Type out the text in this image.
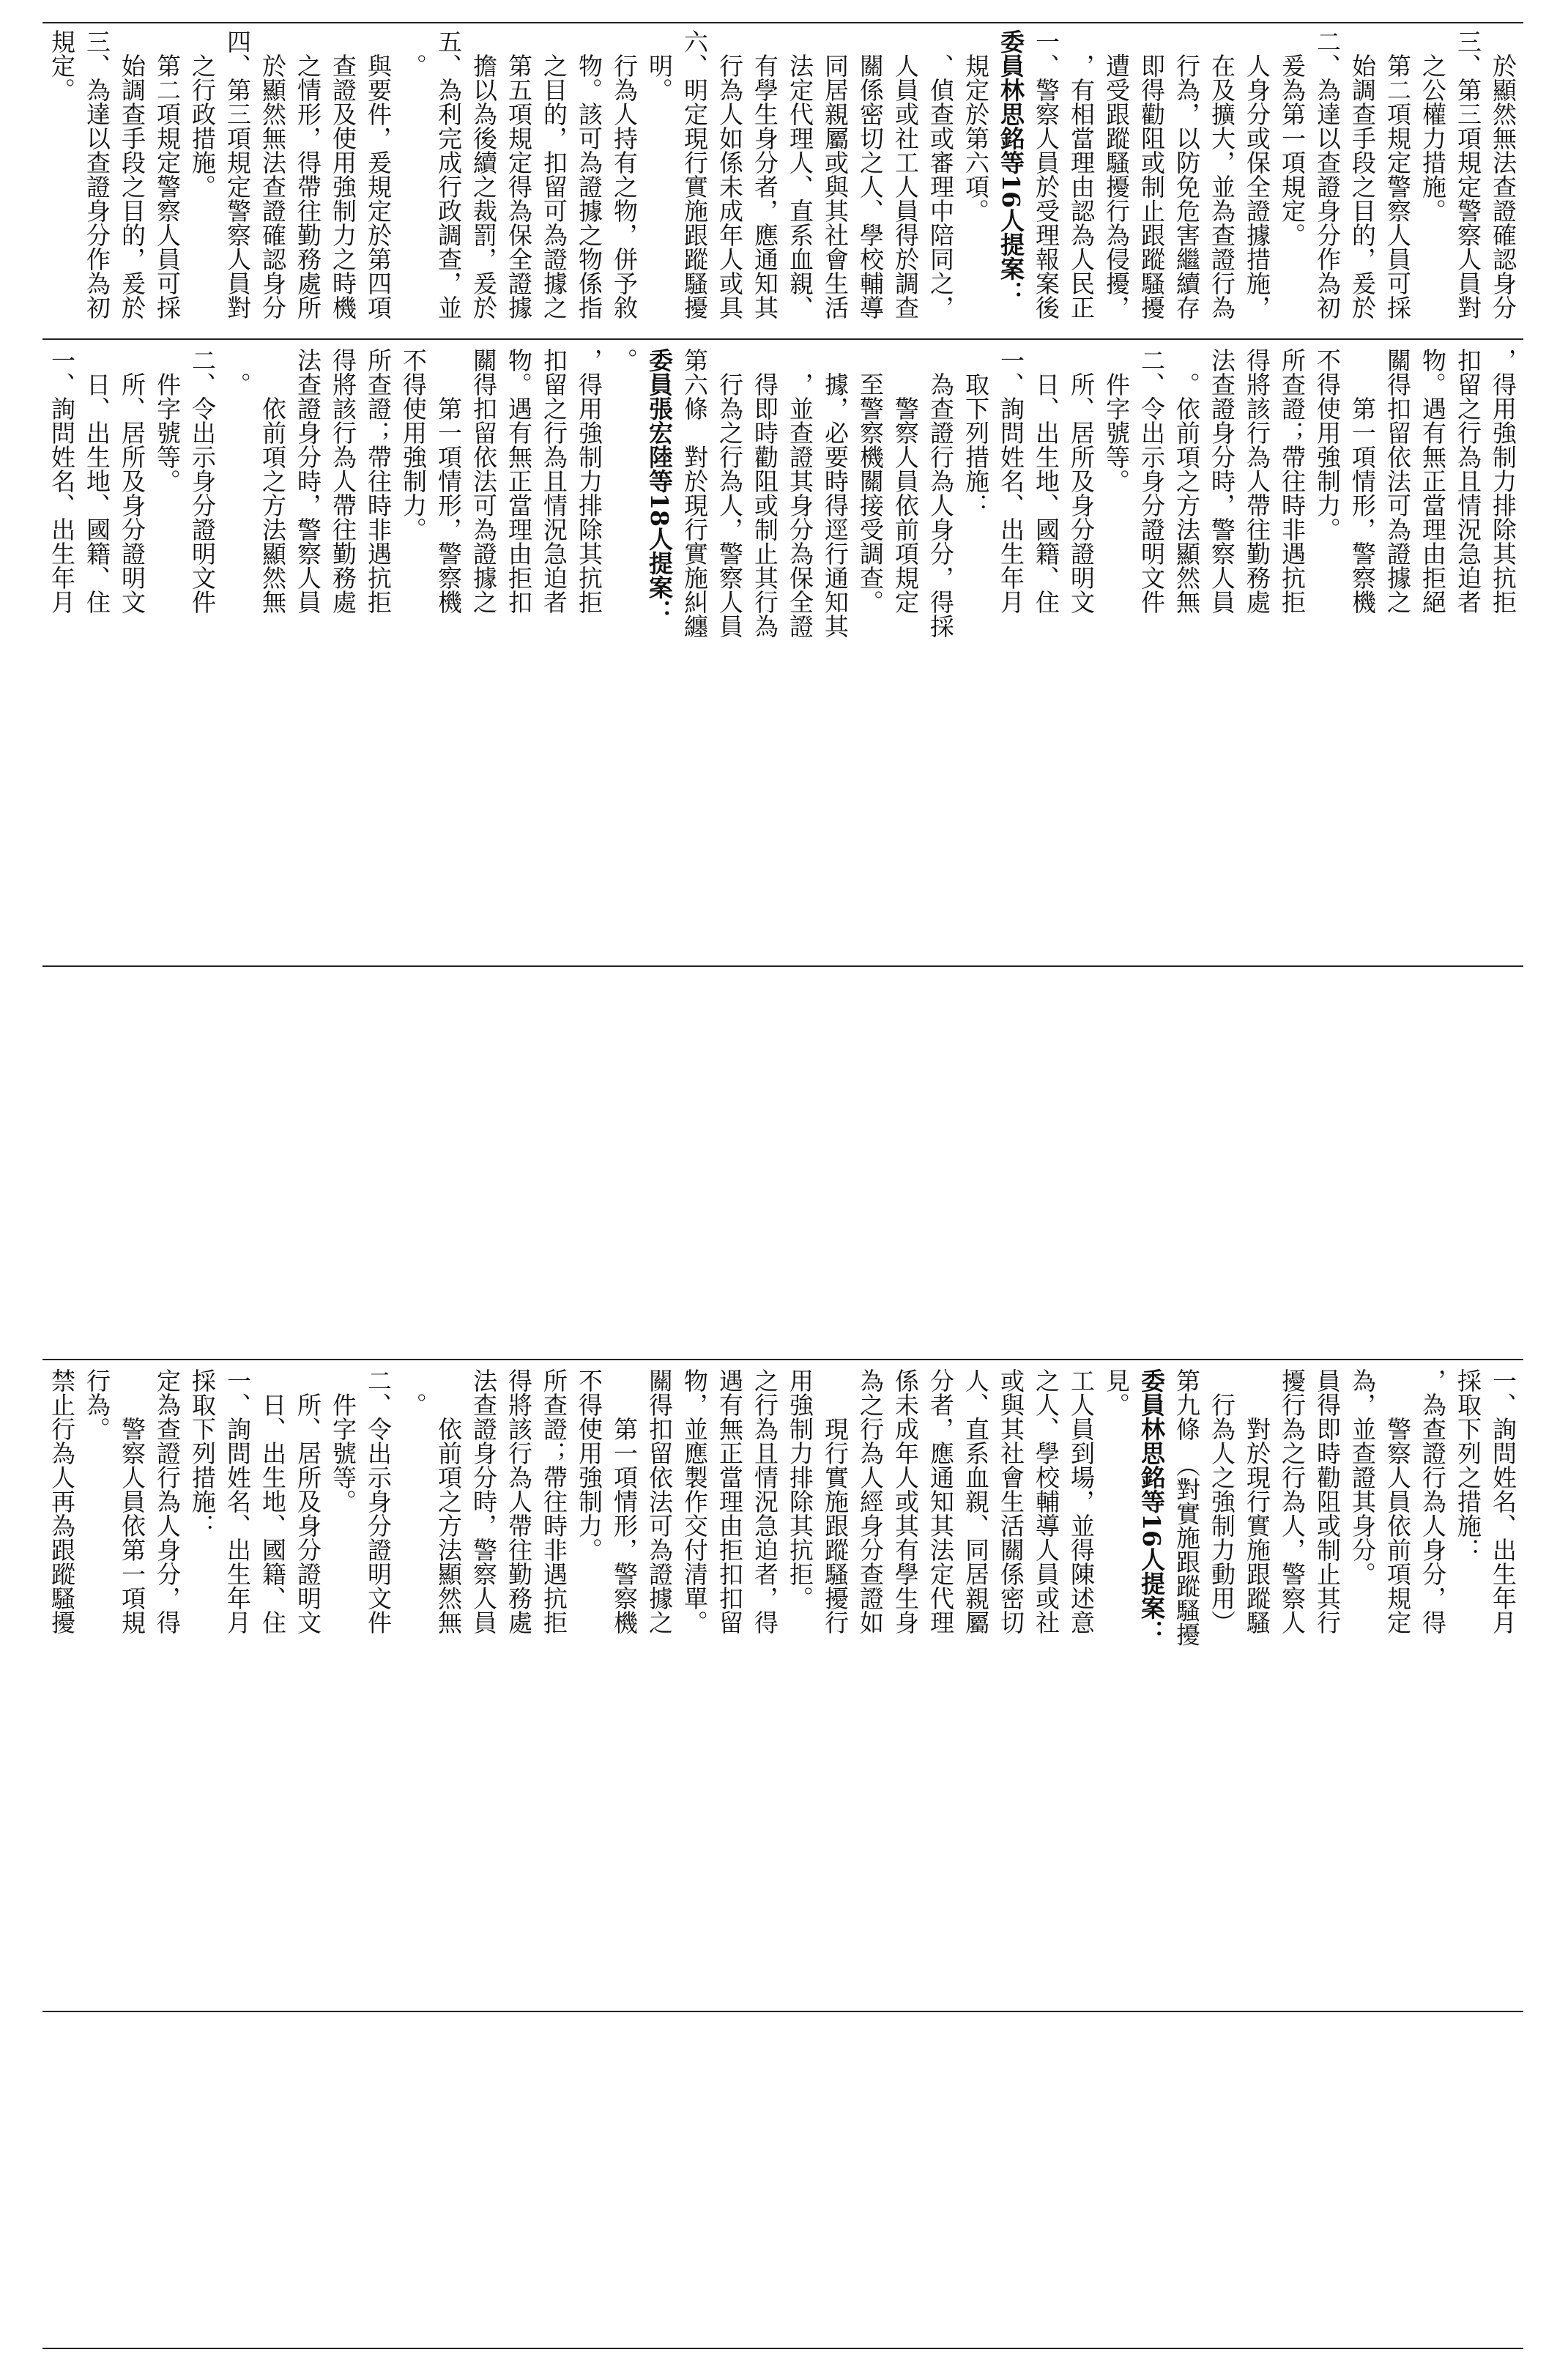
一、詢問姓名、出生年月 　日、出生地、國籍、住 　所、居所及身分證明文 　件字號等。 二、令出示身分證明文件 　。 　　依前項之方法顯然無 法查證身分時，警察人員 得將該行為人帶往勤務處 所查證；帶往時非遇抗拒 不得使用強制力。 　　第一項情形，警察機 關得扣留依法可為證據之 物。遇有無正當理由拒扣 扣留之行為且情況急迫者 ，得用強制力排除其抗拒 。 委員張宏陸等18人提案： 第六條　對於現行實施糾纏 　行為之行為人，警察人員 　得即時勸阻或制止其行為 　，並查證其身分為保全證 　據，必要時得逕行通知其 　至警察機關接受調查。 　　警察人員依前項規定 　為查證行為人身分，得採 　取下列措施： 一、詢問姓名、出生年月 　日、出生地、國籍、住 　所、居所及身分證明文 　件字號等。 二、令出示身分證明文件 　。依前項之方法顯然無 法查證身分時，警察人員 得將該行為人帶往勤務處 所查證；帶往時非遇抗拒 不得使用強制力。 　　第一項情形，警察機 關得扣留依法可為證據之 物。遇有無正當理由拒絕 扣留之行為且情況急迫者 ，得用強制力排除其抗拒
禁止行為人再為跟蹤騷擾 行為。 　　警察人員依第一項規 定為查證行為人身分，得 採取下列措施： 一、詢問姓名、出生年月 　日、出生地、國籍、住 　所、居所及身分證明文 　件字號等。 二、令出示身分證明文件 　。 　　依前項之方法顯然無 法查證身分時，警察人員 得將該行為人帶往勤務處 所查證；帶往時非遇抗拒 不得使用強制力。 　　第一項情形，警察機 關得扣留依法可為證據之 物，並應製作交付清單。 遇有無正當理由拒扣扣留 之行為且情況急迫者，得 用強制力排除其抗拒。 　　現行實施跟蹤騷擾行 為之行為人經身分查證如 係未成年人或其有學生身 分者，應通知其法定代理 人、直系血親、同居親屬 或與其社會生活關係密切 之人、學校輔導人員或社 工人員到場，並得陳述意 見。 委員林思銘等16人提案： 第九條　（對實施跟蹤騷擾 　行為人之強制力動用） 　　對於現行實施跟蹤騷 擾行為之行為人，警察人 員得即時勸阻或制止其行 為，並查證其身分。 　　警察人員依前項規定 ，為查證行為人身分，得 採取下列之措施： 一、詢問姓名、出生年月
規定。 三、為達以查證身分作為初 　始調查手段之目的，爰於 　第二項規定警察人員可採 　之行政措施。 四、第三項規定警察人員對 　於顯然無法查證確認身分 　之情形，得帶往勤務處所 　查證及使用強制力之時機 　與要件，爰規定於第四項 　。 五、為利完成行政調查，並 　擔以為後續之裁罰，爰於 　第五項規定得為保全證據 　之目的，扣留可為證據之 　物。該可為證據之物係指 　行為人持有之物，併予敘 　明。 六、明定現行實施跟蹤騷擾 　行為人如係未成年人或具 　有學生身分者，應通知其 　法定代理人、直系血親、 　同居親屬或與其社會生活 　關係密切之人、學校輔導 　人員或社工人員得於調查 　、偵查或審理中陪同之， 　規定於第六項。 委員林思銘等16人提案： 一、警察人員於受理報案後 　，有相當理由認為人民正 　遭受跟蹤騷擾行為侵擾， 　即得勸阻或制止跟蹤騷擾 　行為，以防免危害繼續存 　在及擴大，並為查證行為 　人身分或保全證據措施， 　爰為第一項規定。 二、為達以查證身分作為初 　始調查手段之目的，爰於 　第二項規定警察人員可採 　之公權力措施。 三、第三項規定警察人員對 　於顯然無法查證確認身分
